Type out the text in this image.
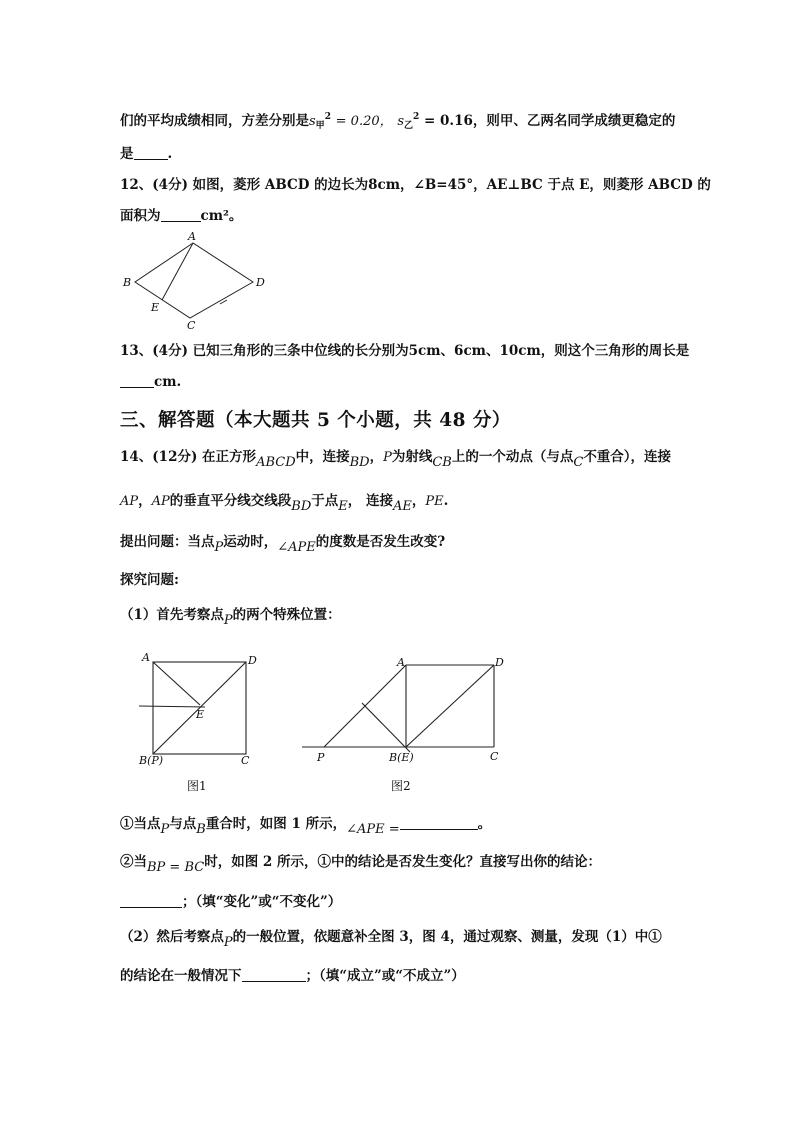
们的平均成绩相同，方差分别是$s_甲^2 = 0.20$， $s_乙^2 = 0.16$，则甲、乙两名同学成绩更稳定的
是	.
12、(4分) 如图，菱形 ABCD 的边长为8cm，∠B=45°，AE⊥BC 于点 E，则菱形 ABCD 的
面积为	cm²。
A
B	D
E
C
13、(4分) 已知三角形的三条中位线的长分别为5cm、6cm、10cm，则这个三角形的周长是
cm.
三、解答题（本大题共 5 个小题，共 48 分）
14、(12分) 在正方形ABCD中，连接BD，P为射线CB上的一个动点（与点C不重合），连接
AP，AP的垂直平分线交线段BD于点E， 连接AE，PE.
提出问题：当点P运动时，∠APE的度数是否发生改变?
探究问题:
（1）首先考察点P的两个特殊位置：
A	D
E
B(P)	C
图1
A	D
P	B(E)	C
图2
①当点P与点B重合时，如图 1 所示，∠APE =	。
②当BP = BC时，如图 2 所示，①中的结论是否发生变化？直接写出你的结论：
；（填“变化”或“不变化”）
（2）然后考察点P的一般位置，依题意补全图 3，图 4，通过观察、测量，发现（1）中①
的结论在一般情况下	；（填“成立”或“不成立”）
